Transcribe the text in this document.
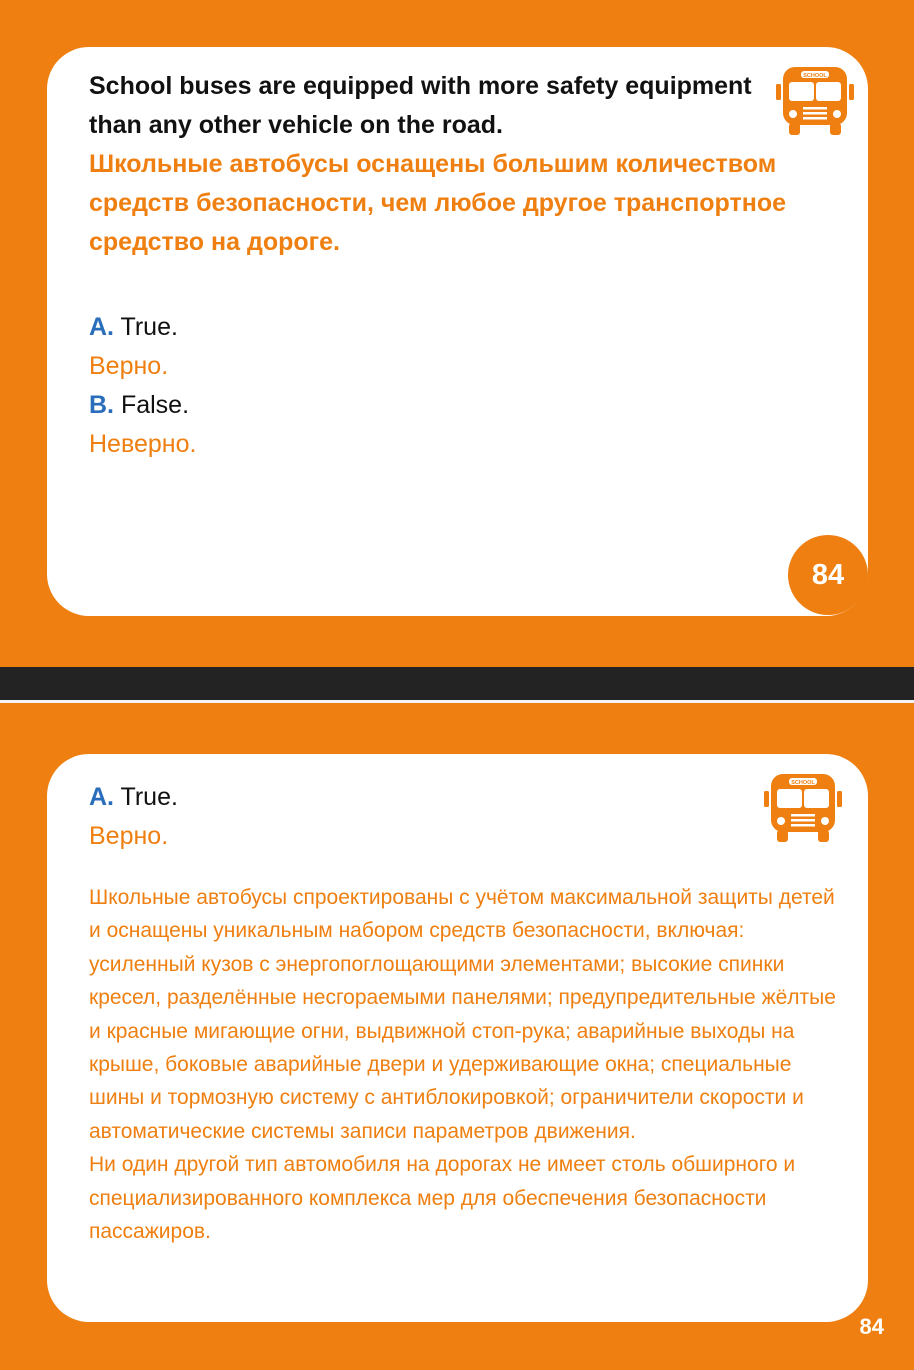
School buses are equipped with more safety equipment than any other vehicle on the road.
Школьные автобусы оснащены большим количеством средств безопасности, чем любое другое транспортное средство на дороге.
A. True.
Верно.
B. False.
Неверно.
84
A. True.
Верно.

Школьные автобусы спроектированы с учётом максимальной защиты детей и оснащены уникальным набором средств безопасности, включая: усиленный кузов с энергопоглощающими элементами; высокие спинки кресел, разделённые несгораемыми панелями; предупредительные жёлтые и красные мигающие огни, выдвижной стоп-рука; аварийные выходы на крыше, боковые аварийные двери и удерживающие окна; специальные шины и тормозную систему с антиблокировкой; ограничители скорости и автоматические системы записи параметров движения.

Ни один другой тип автомобиля на дорогах не имеет столь обширного и специализированного комплекса мер для обеспечения безопасности пассажиров.

84
